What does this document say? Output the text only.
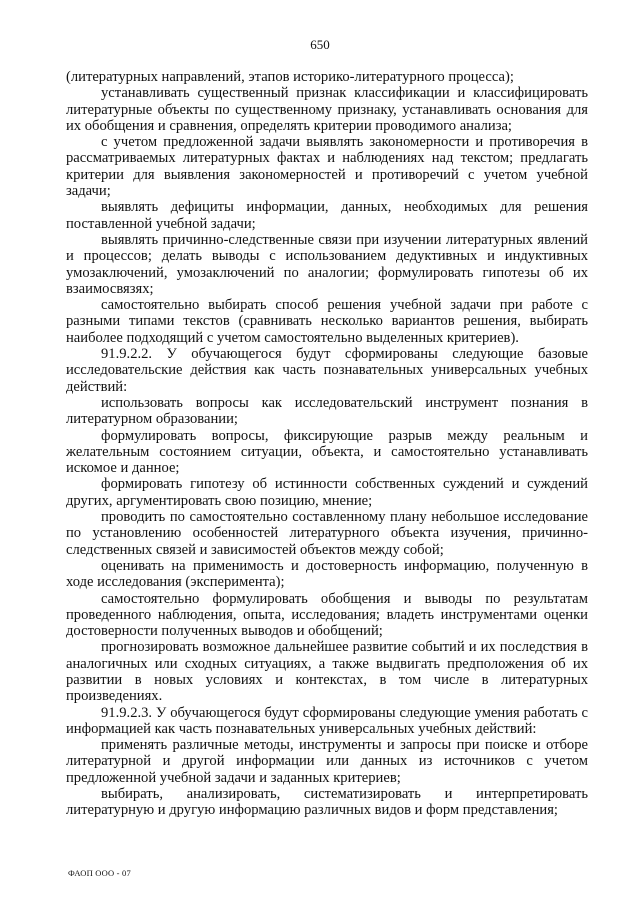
650

(литературных направлений, этапов историко-литературного процесса);

устанавливать существенный признак классификации и классифицировать литературные объекты по существенному признаку, устанавливать основания для их обобщения и сравнения, определять критерии проводимого анализа;

с учетом предложенной задачи выявлять закономерности и противоречия в рассматриваемых литературных фактах и наблюдениях над текстом; предлагать критерии для выявления закономерностей и противоречий с учетом учебной задачи;

выявлять дефициты информации, данных, необходимых для решения поставленной учебной задачи;

выявлять причинно-следственные связи при изучении литературных явлений и процессов; делать выводы с использованием дедуктивных и индуктивных умозаключений, умозаключений по аналогии; формулировать гипотезы об их взаимосвязях;

самостоятельно выбирать способ решения учебной задачи при работе с разными типами текстов (сравнивать несколько вариантов решения, выбирать наиболее подходящий с учетом самостоятельно выделенных критериев).

91.9.2.2. У обучающегося будут сформированы следующие базовые исследовательские действия как часть познавательных универсальных учебных действий:

использовать вопросы как исследовательский инструмент познания в литературном образовании;

формулировать вопросы, фиксирующие разрыв между реальным и желательным состоянием ситуации, объекта, и самостоятельно устанавливать искомое и данное;

формировать гипотезу об истинности собственных суждений и суждений других, аргументировать свою позицию, мнение;

проводить по самостоятельно составленному плану небольшое исследование по установлению особенностей литературного объекта изучения, причинно-следственных связей и зависимостей объектов между собой;

оценивать на применимость и достоверность информацию, полученную в ходе исследования (эксперимента);

самостоятельно формулировать обобщения и выводы по результатам проведенного наблюдения, опыта, исследования; владеть инструментами оценки достоверности полученных выводов и обобщений;

прогнозировать возможное дальнейшее развитие событий и их последствия в аналогичных или сходных ситуациях, а также выдвигать предположения об их развитии в новых условиях и контекстах, в том числе в литературных произведениях.

91.9.2.3. У обучающегося будут сформированы следующие умения работать с информацией как часть познавательных универсальных учебных действий:

применять различные методы, инструменты и запросы при поиске и отборе литературной и другой информации или данных из источников с учетом предложенной учебной задачи и заданных критериев;

выбирать, анализировать, систематизировать и интерпретировать литературную и другую информацию различных видов и форм представления;

ФАОП ООО - 07
